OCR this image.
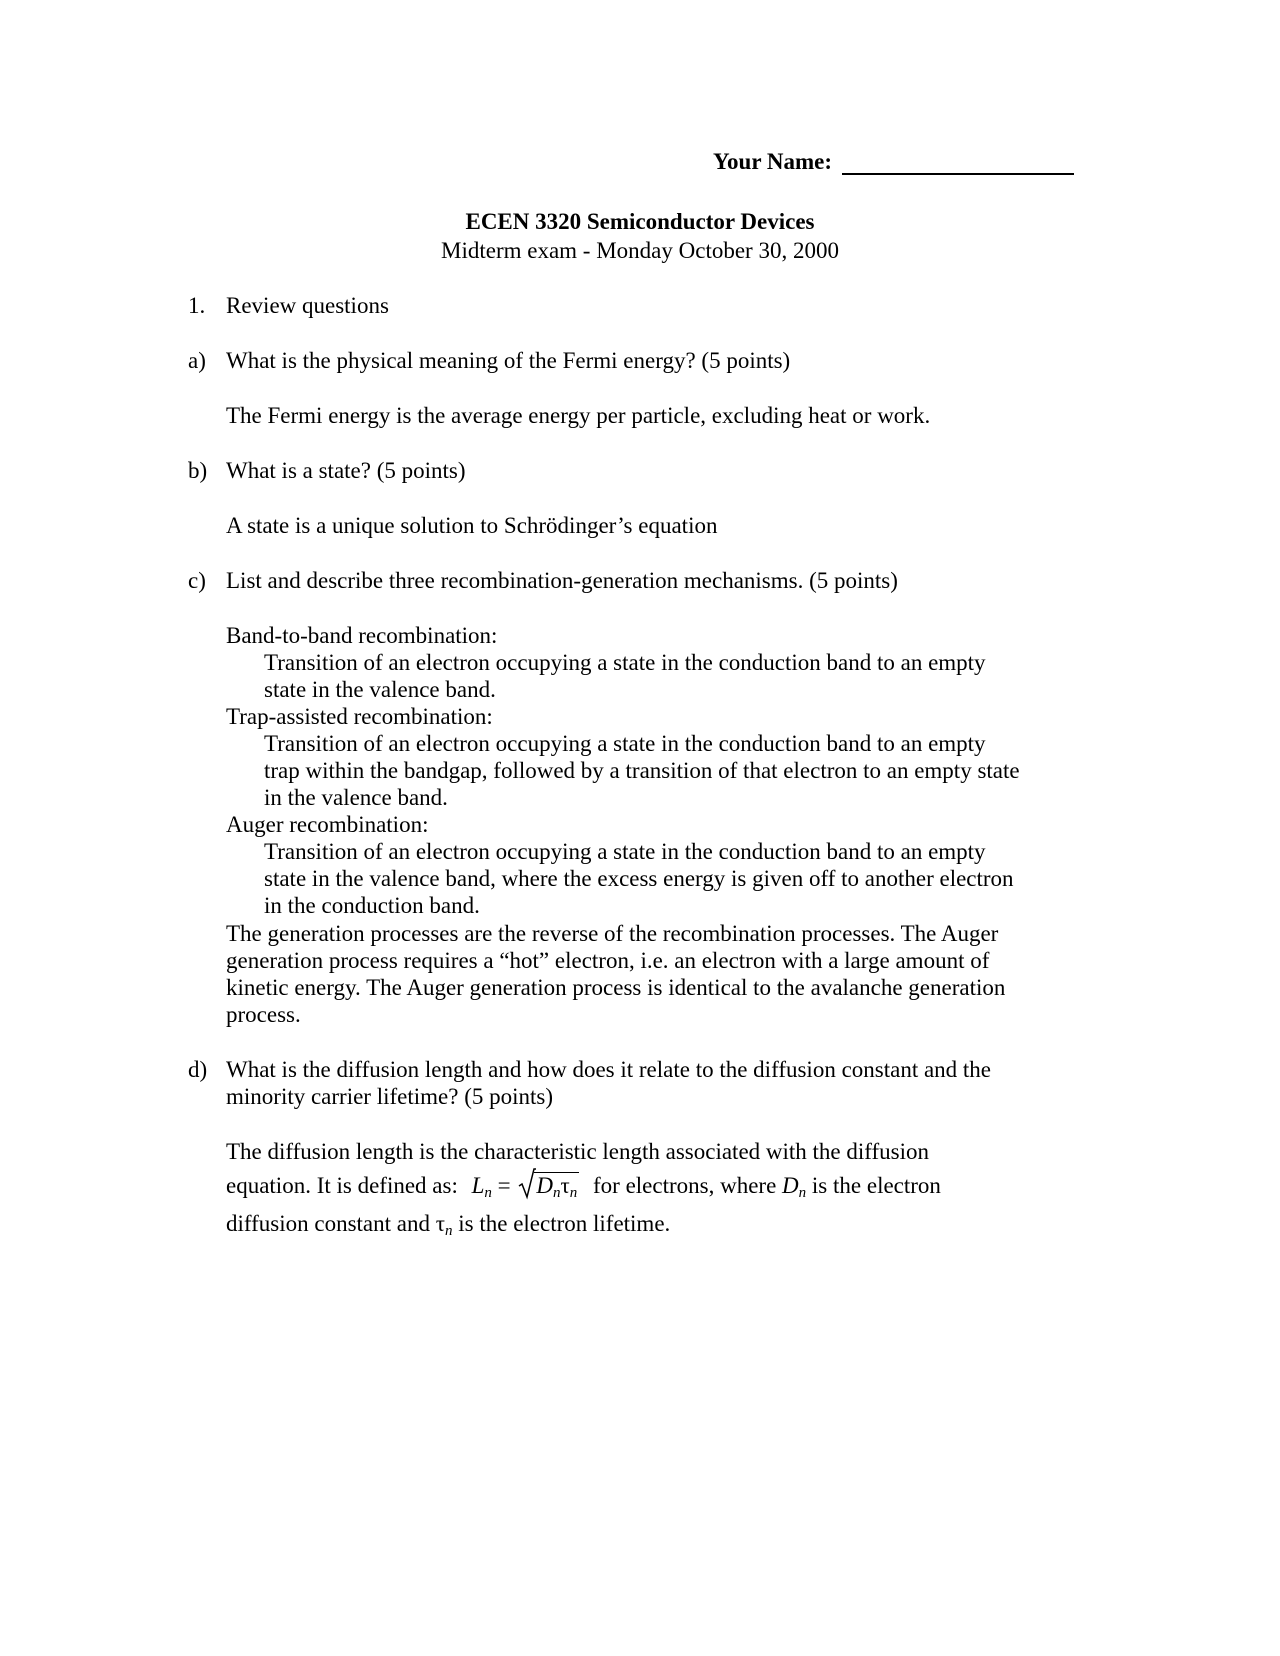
Your Name:
ECEN 3320 Semiconductor Devices
Midterm exam - Monday October 30, 2000
1. Review questions
a) What is the physical meaning of the Fermi energy? (5 points)
The Fermi energy is the average energy per particle, excluding heat or work.
b) What is a state? (5 points)
A state is a unique solution to Schrödinger’s equation
c) List and describe three recombination-generation mechanisms. (5 points)
Band-to-band recombination:
Transition of an electron occupying a state in the conduction band to an empty
state in the valence band.
Trap-assisted recombination:
Transition of an electron occupying a state in the conduction band to an empty
trap within the bandgap, followed by a transition of that electron to an empty state
in the valence band.
Auger recombination:
Transition of an electron occupying a state in the conduction band to an empty
state in the valence band, where the excess energy is given off to another electron
in the conduction band.
The generation processes are the reverse of the recombination processes. The Auger
generation process requires a “hot” electron, i.e. an electron with a large amount of
kinetic energy. The Auger generation process is identical to the avalanche generation
process.
d) What is the diffusion length and how does it relate to the diffusion constant and the
minority carrier lifetime? (5 points)
The diffusion length is the characteristic length associated with the diffusion
equation. It is defined as: $L_n = D_n\tau_n$ for electrons, where $D_n$ is the electron
diffusion constant and $\tau_n$ is the electron lifetime.
